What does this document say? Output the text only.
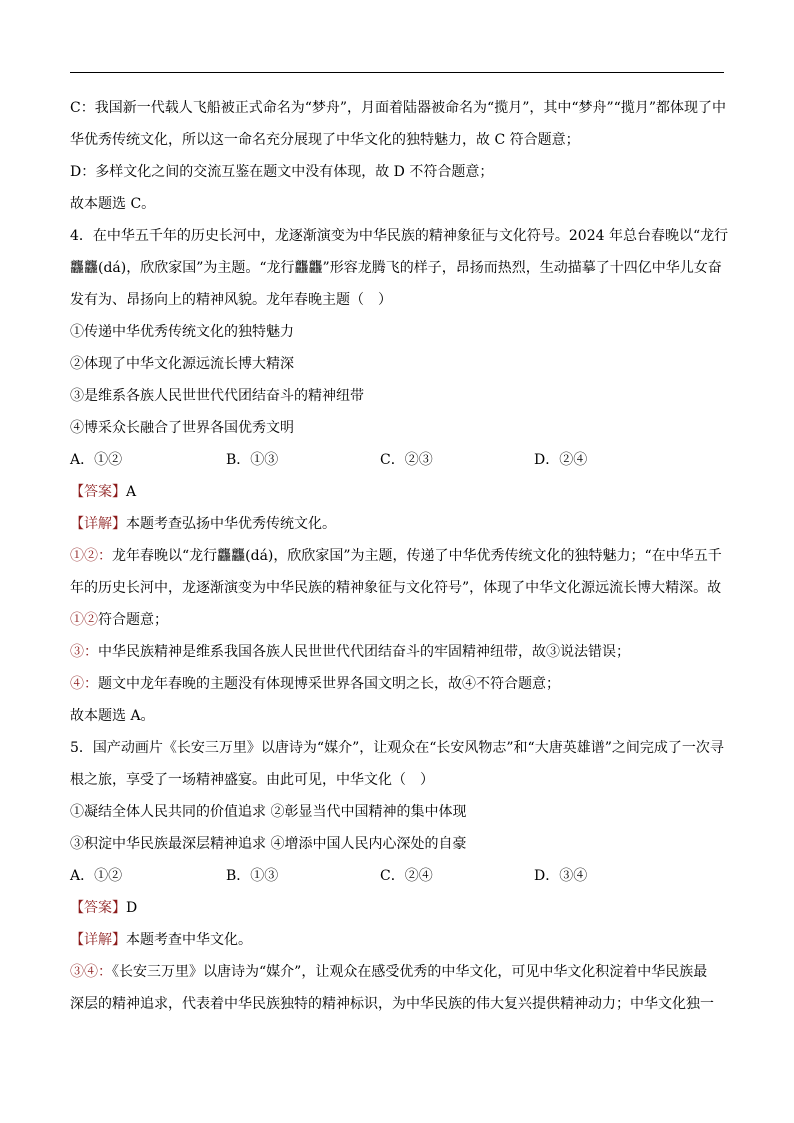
C：我国新一代载人飞船被正式命名为“梦舟”，月面着陆器被命名为“揽月”，其中“梦舟”“揽月”都体现了中
华优秀传统文化，所以这一命名充分展现了中华文化的独特魅力，故 C 符合题意；
D：多样文化之间的交流互鉴在题文中没有体现，故 D 不符合题意；
故本题选 C。
4．在中华五千年的历史长河中，龙逐渐演变为中华民族的精神象征与文化符号。2024 年总台春晚以“龙行
龘龘(dá)，欣欣家国”为主题。“龙行龘龘”形容龙腾飞的样子，昂扬而热烈，生动描摹了十四亿中华儿女奋
发有为、昂扬向上的精神风貌。龙年春晚主题（　）
①传递中华优秀传统文化的独特魅力
②体现了中华文化源远流长博大精深
③是维系各族人民世世代代团结奋斗的精神纽带
④博采众长融合了世界各国优秀文明
A．①②	B．①③	C．②③	D．②④
【答案】A
【详解】本题考查弘扬中华优秀传统文化。
①②：龙年春晚以“龙行龘龘(dá)，欣欣家国”为主题，传递了中华优秀传统文化的独特魅力；“在中华五千
年的历史长河中，龙逐渐演变为中华民族的精神象征与文化符号”，体现了中华文化源远流长博大精深。故
①②符合题意；
③：中华民族精神是维系我国各族人民世世代代团结奋斗的牢固精神纽带，故③说法错误；
④：题文中龙年春晚的主题没有体现博采世界各国文明之长，故④不符合题意；
故本题选 A。
5．国产动画片《长安三万里》以唐诗为“媒介”，让观众在“长安风物志”和“大唐英雄谱”之间完成了一次寻
根之旅，享受了一场精神盛宴。由此可见，中华文化（　）
①凝结全体人民共同的价值追求 ②彰显当代中国精神的集中体现
③积淀中华民族最深层精神追求 ④增添中国人民内心深处的自豪
A．①②	B．①③	C．②④	D．③④
【答案】D
【详解】本题考查中华文化。
③④：《长安三万里》以唐诗为“媒介”，让观众在感受优秀的中华文化，可见中华文化积淀着中华民族最
深层的精神追求，代表着中华民族独特的精神标识，为中华民族的伟大复兴提供精神动力；中华文化独一
